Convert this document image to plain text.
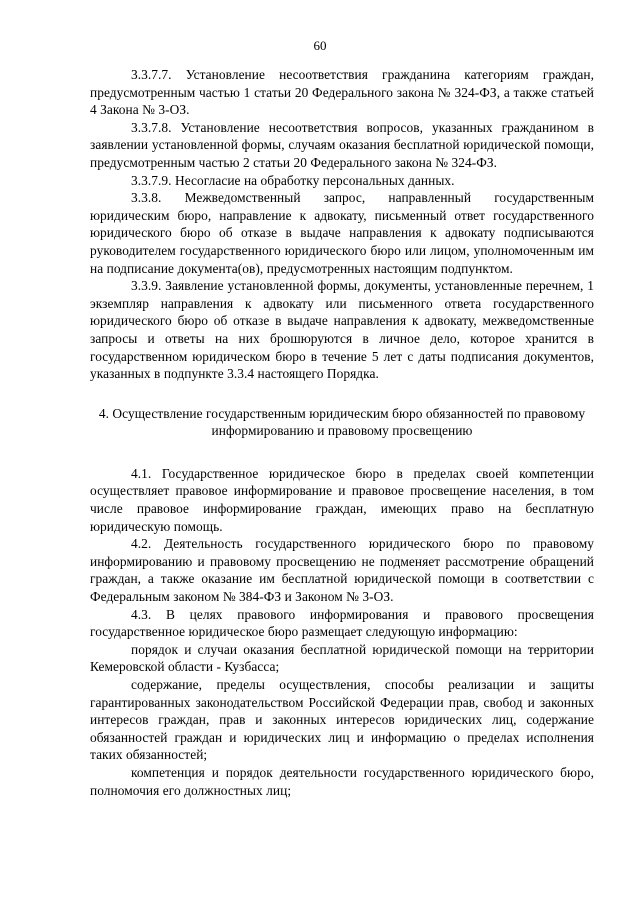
60

3.3.7.7. Установление несоответствия гражданина категориям граждан, предусмотренным частью 1 статьи 20 Федерального закона № 324-ФЗ, а также статьей 4 Закона № 3-ОЗ.

3.3.7.8. Установление несоответствия вопросов, указанных гражданином в заявлении установленной формы, случаям оказания бесплатной юридической помощи, предусмотренным частью 2 статьи 20 Федерального закона № 324-ФЗ.

3.3.7.9. Несогласие на обработку персональных данных.

3.3.8. Межведомственный запрос, направленный государственным юридическим бюро, направление к адвокату, письменный ответ государственного юридического бюро об отказе в выдаче направления к адвокату подписываются руководителем государственного юридического бюро или лицом, уполномоченным им на подписание документа(ов), предусмотренных настоящим подпунктом.

3.3.9. Заявление установленной формы, документы, установленные перечнем, 1 экземпляр направления к адвокату или письменного ответа государственного юридического бюро об отказе в выдаче направления к адвокату, межведомственные запросы и ответы на них брошюруются в личное дело, которое хранится в государственном юридическом бюро в течение 5 лет с даты подписания документов, указанных в подпункте 3.3.4 настоящего Порядка.

4. Осуществление государственным юридическим бюро обязанностей по правовому информированию и правовому просвещению

4.1. Государственное юридическое бюро в пределах своей компетенции осуществляет правовое информирование и правовое просвещение населения, в том числе правовое информирование граждан, имеющих право на бесплатную юридическую помощь.

4.2. Деятельность государственного юридического бюро по правовому информированию и правовому просвещению не подменяет рассмотрение обращений граждан, а также оказание им бесплатной юридической помощи в соответствии с Федеральным законом № 384-ФЗ и Законом № 3-ОЗ.

4.3. В целях правового информирования и правового просвещения государственное юридическое бюро размещает следующую информацию:

порядок и случаи оказания бесплатной юридической помощи на территории Кемеровской области - Кузбасса;

содержание, пределы осуществления, способы реализации и защиты гарантированных законодательством Российской Федерации прав, свобод и законных интересов граждан, прав и законных интересов юридических лиц, содержание обязанностей граждан и юридических лиц и информацию о пределах исполнения таких обязанностей;

компетенция и порядок деятельности государственного юридического бюро, полномочия его должностных лиц;
